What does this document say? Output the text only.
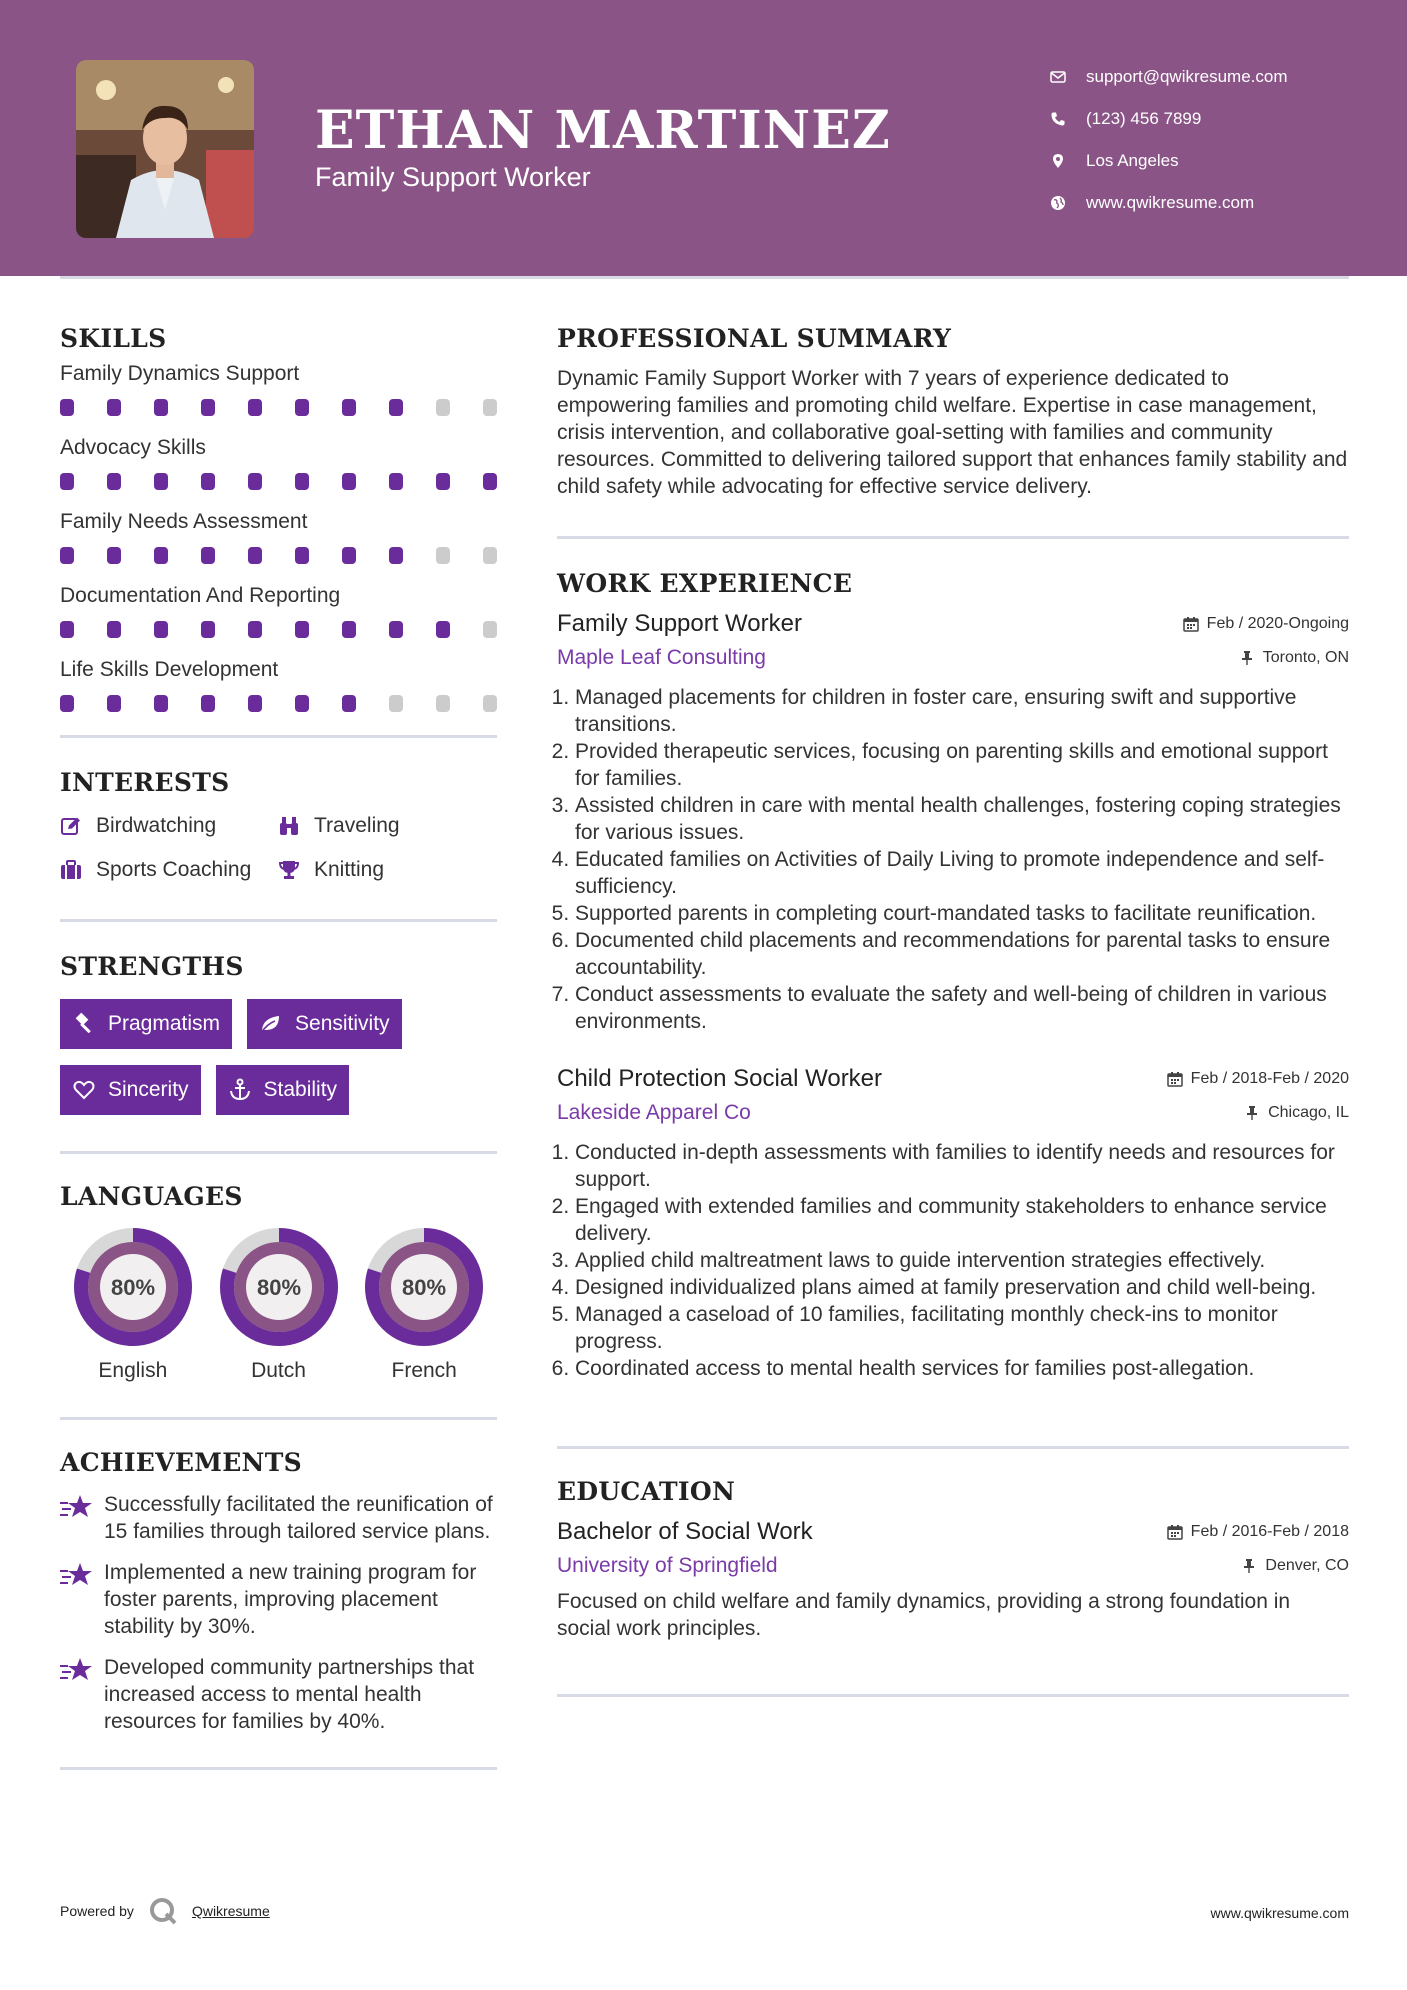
ETHAN MARTINEZ
Family Support Worker
support@qwikresume.com
(123) 456 7899
Los Angeles
www.qwikresume.com
SKILLS
Family Dynamics Support
Advocacy Skills
Family Needs Assessment
Documentation And Reporting
Life Skills Development
INTERESTS
Birdwatching	Traveling
Sports Coaching	Knitting
STRENGTHS
Pragmatism	Sensitivity
Sincerity	Stability
LANGUAGES
80%
English
80%
Dutch
80%
French
ACHIEVEMENTS
Successfully facilitated the reunification of 15 families through tailored service plans.
Implemented a new training program for foster parents, improving placement stability by 30%.
Developed community partnerships that increased access to mental health resources for families by 40%.
Powered by	Qwikresume	www.qwikresume.com
PROFESSIONAL SUMMARY
Dynamic Family Support Worker with 7 years of experience dedicated to empowering families and promoting child welfare. Expertise in case management, crisis intervention, and collaborative goal-setting with families and community resources. Committed to delivering tailored support that enhances family stability and child safety while advocating for effective service delivery.
WORK EXPERIENCE
Family Support Worker	Feb / 2020-Ongoing
Maple Leaf Consulting	Toronto, ON
1. Managed placements for children in foster care, ensuring swift and supportive transitions.
2. Provided therapeutic services, focusing on parenting skills and emotional support for families.
3. Assisted children in care with mental health challenges, fostering coping strategies for various issues.
4. Educated families on Activities of Daily Living to promote independence and self-sufficiency.
5. Supported parents in completing court-mandated tasks to facilitate reunification.
6. Documented child placements and recommendations for parental tasks to ensure accountability.
7. Conduct assessments to evaluate the safety and well-being of children in various environments.
Child Protection Social Worker	Feb / 2018-Feb / 2020
Lakeside Apparel Co	Chicago, IL
1. Conducted in-depth assessments with families to identify needs and resources for support.
2. Engaged with extended families and community stakeholders to enhance service delivery.
3. Applied child maltreatment laws to guide intervention strategies effectively.
4. Designed individualized plans aimed at family preservation and child well-being.
5. Managed a caseload of 10 families, facilitating monthly check-ins to monitor progress.
6. Coordinated access to mental health services for families post-allegation.
EDUCATION
Bachelor of Social Work	Feb / 2016-Feb / 2018
University of Springfield	Denver, CO
Focused on child welfare and family dynamics, providing a strong foundation in social work principles.
